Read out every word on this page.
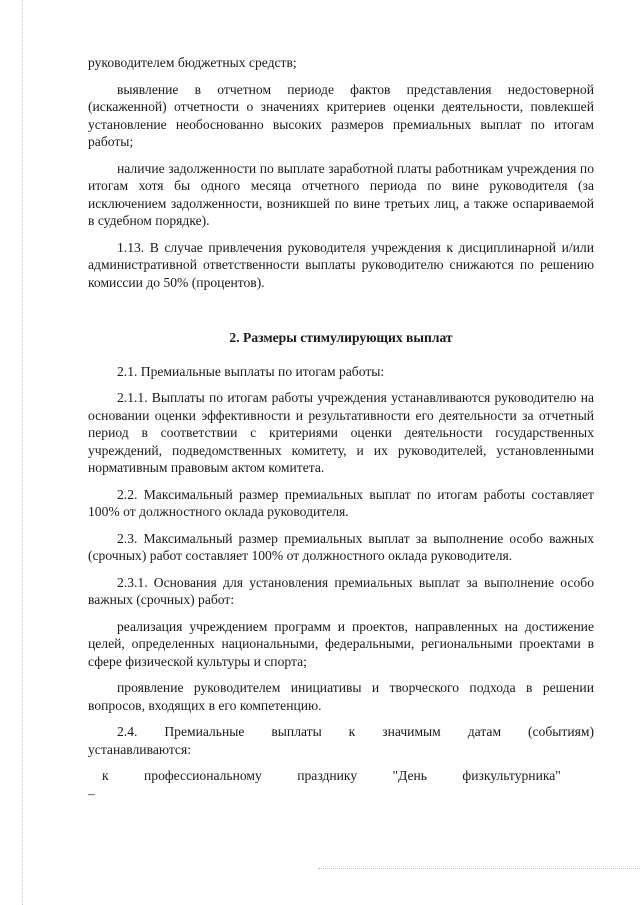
руководителем бюджетных средств;

выявление в отчетном периоде фактов представления недостоверной (искаженной) отчетности о значениях критериев оценки деятельности, повлекшей установление необоснованно высоких размеров премиальных выплат по итогам работы;

наличие задолженности по выплате заработной платы работникам учреждения по итогам хотя бы одного месяца отчетного периода по вине руководителя (за исключением задолженности, возникшей по вине третьих лиц, а также оспариваемой в судебном порядке).

1.13. В случае привлечения руководителя учреждения к дисциплинарной и/или административной ответственности выплаты руководителю снижаются по решению комиссии до 50% (процентов).

2. Размеры стимулирующих выплат

2.1. Премиальные выплаты по итогам работы:

2.1.1. Выплаты по итогам работы учреждения устанавливаются руководителю на основании оценки эффективности и результативности его деятельности за отчетный период в соответствии с критериями оценки деятельности государственных учреждений, подведомственных комитету, и их руководителей, установленными нормативным правовым актом комитета.

2.2. Максимальный размер премиальных выплат по итогам работы составляет 100% от должностного оклада руководителя.

2.3. Максимальный размер премиальных выплат за выполнение особо важных (срочных) работ составляет 100% от должностного оклада руководителя.

2.3.1. Основания для установления премиальных выплат за выполнение особо важных (срочных) работ:

реализация учреждением программ и проектов, направленных на достижение целей, определенных национальными, федеральными, региональными проектами в сфере физической культуры и спорта;

проявление руководителем инициативы и творческого подхода в решении вопросов, входящих в его компетенцию.

2.4. Премиальные выплаты к значимым датам (событиям) устанавливаются:

к профессиональному празднику "День физкультурника" –
